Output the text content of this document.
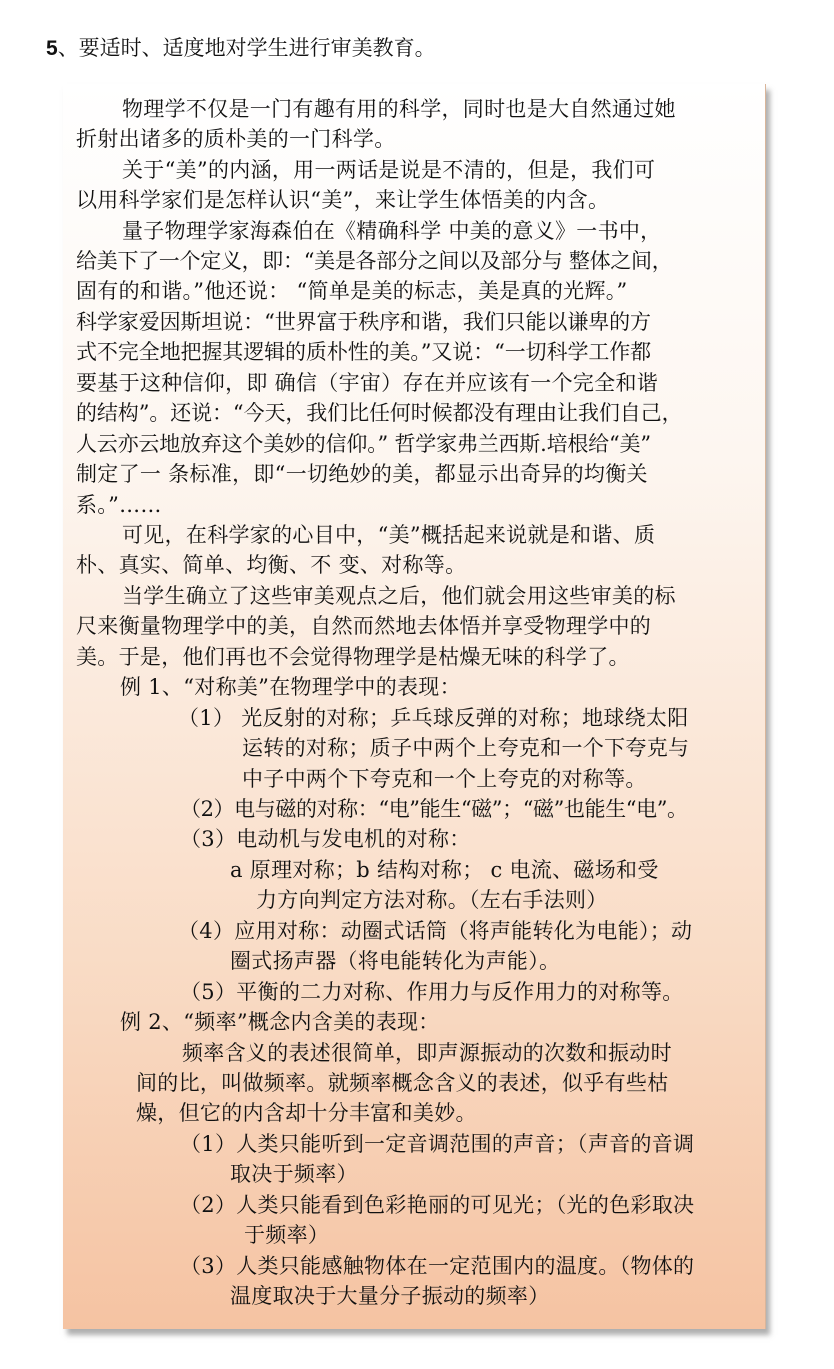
5、要适时、适度地对学生进行审美教育。
物理学不仅是一门有趣有用的科学，同时也是大自然通过她
折射出诸多的质朴美的一门科学。
关于“美”的内涵，用一两话是说是不清的，但是，我们可
以用科学家们是怎样认识“美”，来让学生体悟美的内含。
量子物理学家海森伯在《精确科学 中美的意义》一书中，
给美下了一个定义，即：“美是各部分之间以及部分与 整体之间，
固有的和谐。”他还说： “简单是美的标志，美是真的光辉。”
科学家爱因斯坦说：“世界富于秩序和谐，我们只能以谦卑的方
式不完全地把握其逻辑的质朴性的美。”又说：“一切科学工作都
要基于这种信仰，即 确信（宇宙）存在并应该有一个完全和谐
的结构”。还说：“今天，我们比任何时候都没有理由让我们自己，
人云亦云地放弃这个美妙的信仰。” 哲学家弗兰西斯.培根给“美”
制定了一 条标准，即“一切绝妙的美，都显示出奇异的均衡关
系。”……
可见，在科学家的心目中，“美”概括起来说就是和谐、质
朴、真实、简单、均衡、不 变、对称等。
当学生确立了这些审美观点之后，他们就会用这些审美的标
尺来衡量物理学中的美，自然而然地去体悟并享受物理学中的
美。于是，他们再也不会觉得物理学是枯燥无味的科学了。
例 1、“对称美”在物理学中的表现：
（1） 光反射的对称；乒乓球反弹的对称；地球绕太阳
运转的对称；质子中两个上夸克和一个下夸克与
中子中两个下夸克和一个上夸克的对称等。
（2）电与磁的对称：“电”能生“磁”；“磁”也能生“电”。
（3）电动机与发电机的对称：
a 原理对称；b 结构对称； c 电流、磁场和受
力方向判定方法对称。（左右手法则）
（4）应用对称：动圈式话筒（将声能转化为电能）；动
圈式扬声器（将电能转化为声能）。
（5）平衡的二力对称、作用力与反作用力的对称等。
例 2、“频率”概念内含美的表现：
频率含义的表述很简单，即声源振动的次数和振动时
间的比，叫做频率。就频率概念含义的表述，似乎有些枯
燥，但它的内含却十分丰富和美妙。
（1）人类只能听到一定音调范围的声音；（声音的音调
取决于频率）
（2）人类只能看到色彩艳丽的可见光；（光的色彩取决
于频率）
（3）人类只能感触物体在一定范围内的温度。（物体的
温度取决于大量分子振动的频率）
